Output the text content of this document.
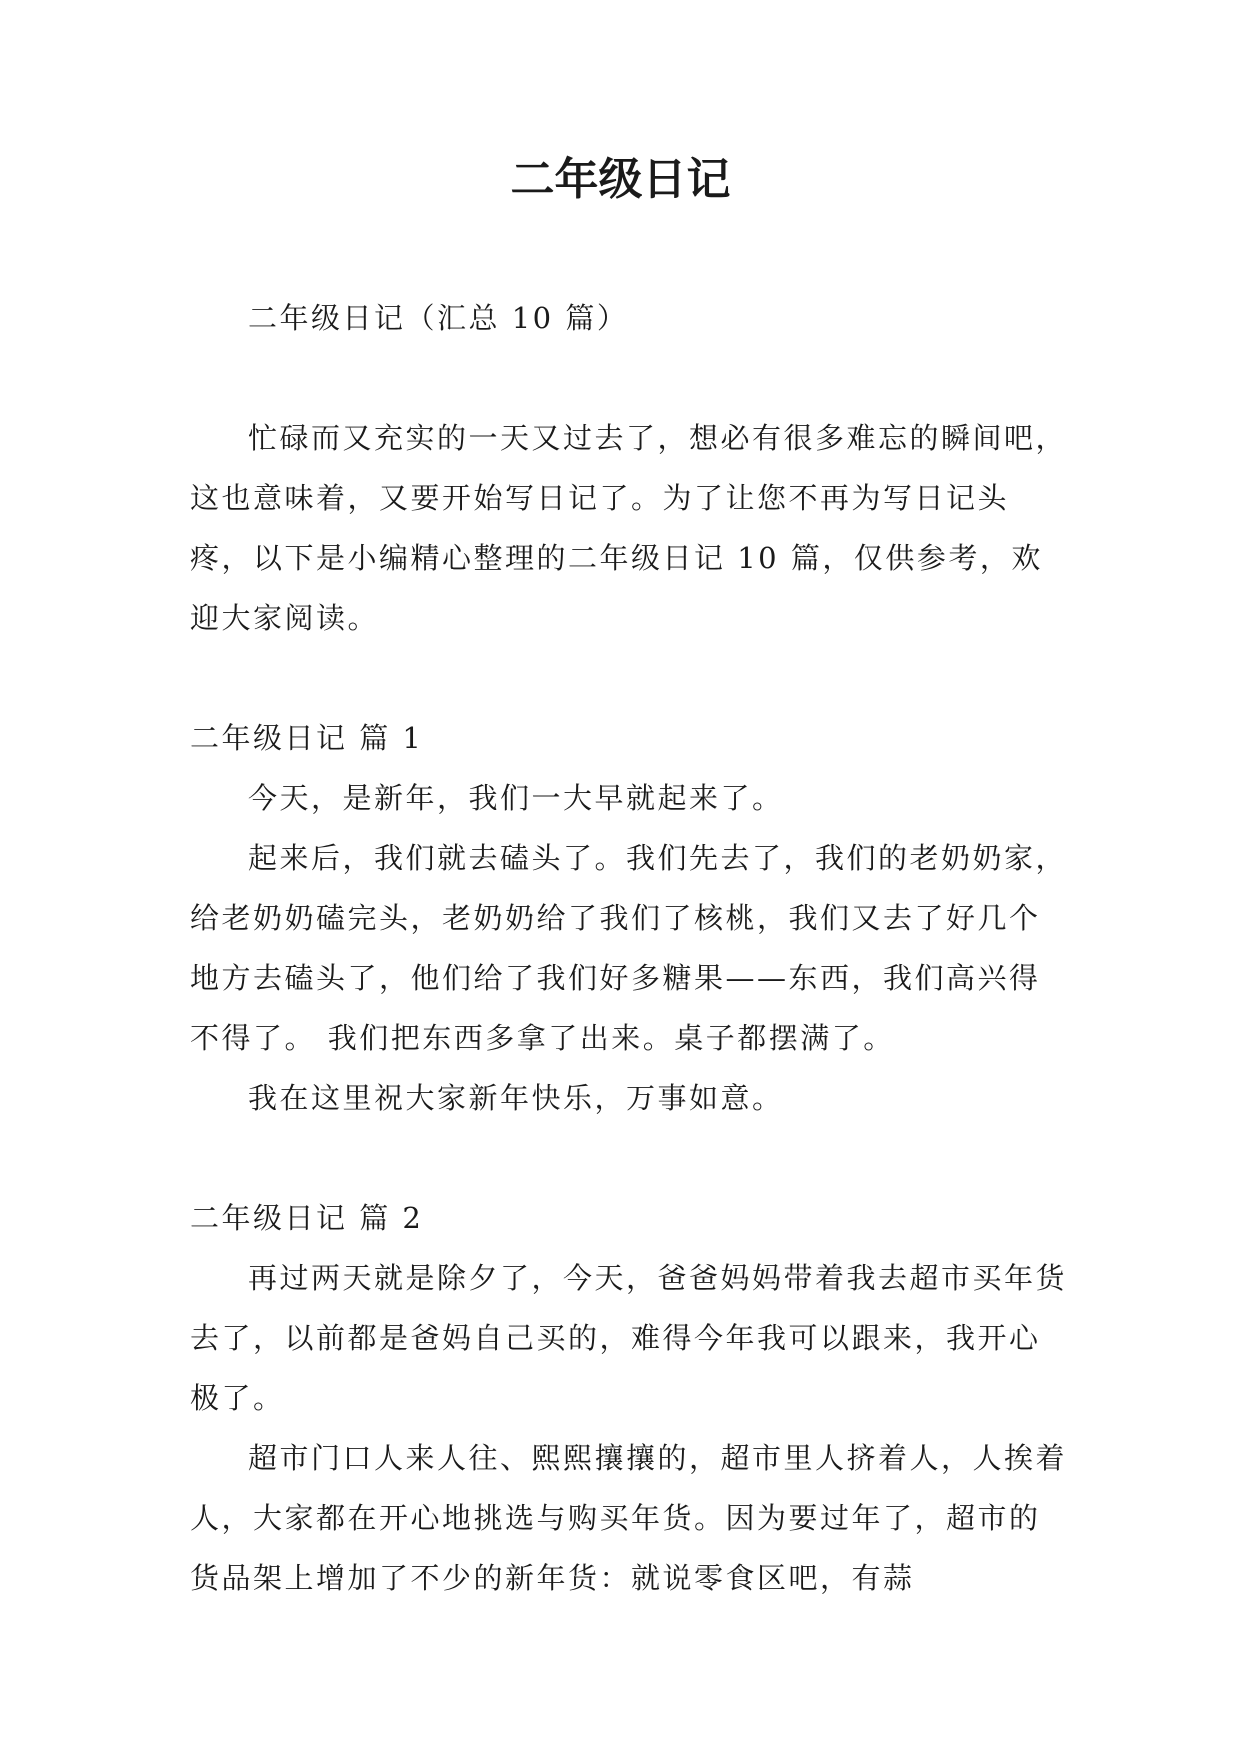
二年级日记

二年级日记（汇总 10 篇）

忙碌而又充实的一天又过去了，想必有很多难忘的瞬间吧，这也意味着，又要开始写日记了。为了让您不再为写日记头疼，以下是小编精心整理的二年级日记 10 篇，仅供参考，欢迎大家阅读。

二年级日记 篇 1

今天，是新年，我们一大早就起来了。

起来后，我们就去磕头了。我们先去了，我们的老奶奶家，给老奶奶磕完头，老奶奶给了我们了核桃，我们又去了好几个地方去磕头了，他们给了我们好多糖果——东西，我们高兴得不得了。 我们把东西多拿了出来。桌子都摆满了。

我在这里祝大家新年快乐，万事如意。

二年级日记 篇 2

再过两天就是除夕了，今天，爸爸妈妈带着我去超市买年货去了，以前都是爸妈自己买的，难得今年我可以跟来，我开心极了。

超市门口人来人往、熙熙攘攘的，超市里人挤着人，人挨着人，大家都在开心地挑选与购买年货。因为要过年了，超市的货品架上增加了不少的新年货：就说零食区吧，有蒜
